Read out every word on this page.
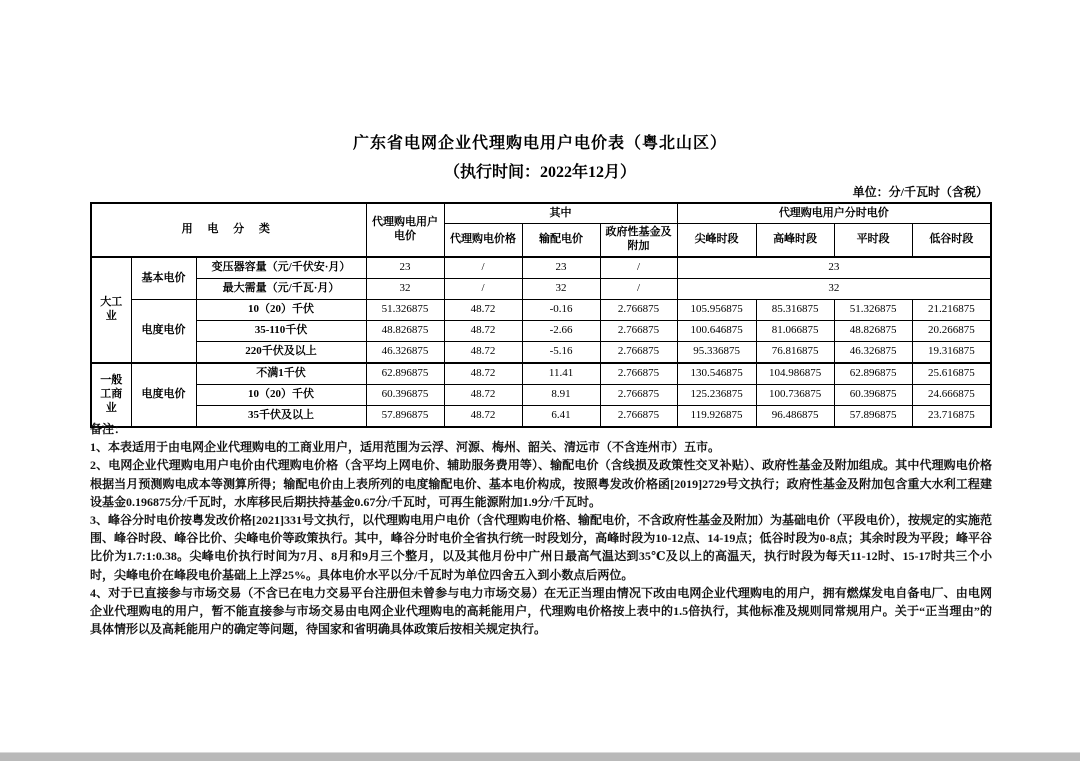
广东省电网企业代理购电用户电价表（粤北山区）
（执行时间：2022年12月）
单位：分/千瓦时（含税）
用 电 分 类			代理购电用户电价	其中			代理购电用户分时电价			
				代理购电价格	输配电价	政府性基金及附加	尖峰时段	高峰时段	平时段	低谷时段
大工业	基本电价	变压器容量（元/千伏安·月）	23	/	23	/	23			
		最大需量（元/千瓦·月）	32	/	32	/	32			
	电度电价	10（20）千伏	51.326875	48.72	-0.16	2.766875	105.956875	85.316875	51.326875	21.216875
		35-110千伏	48.826875	48.72	-2.66	2.766875	100.646875	81.066875	48.826875	20.266875
		220千伏及以上	46.326875	48.72	-5.16	2.766875	95.336875	76.816875	46.326875	19.316875
一般工商业	电度电价	不满1千伏	62.896875	48.72	11.41	2.766875	130.546875	104.986875	62.896875	25.616875
		10（20）千伏	60.396875	48.72	8.91	2.766875	125.236875	100.736875	60.396875	24.666875
		35千伏及以上	57.896875	48.72	6.41	2.766875	119.926875	96.486875	57.896875	23.716875

备注：

1、本表适用于由电网企业代理购电的工商业用户，适用范围为云浮、河源、梅州、韶关、清远市（不含连州市）五市。

2、电网企业代理购电用户电价由代理购电价格（含平均上网电价、辅助服务费用等）、输配电价（含线损及政策性交叉补贴）、政府性基金及附加组成。其中代理购电价格根据当月预测购电成本等测算所得；输配电价由上表所列的电度输配电价、基本电价构成，按照粤发改价格函[2019]2729号文执行；政府性基金及附加包含重大水利工程建设基金0.196875分/千瓦时，水库移民后期扶持基金0.67分/千瓦时，可再生能源附加1.9分/千瓦时。

3、峰谷分时电价按粤发改价格[2021]331号文执行，以代理购电用户电价（含代理购电价格、输配电价，不含政府性基金及附加）为基础电价（平段电价），按规定的实施范围、峰谷时段、峰谷比价、尖峰电价等政策执行。其中，峰谷分时电价全省执行统一时段划分，高峰时段为10-12点、14-19点；低谷时段为0-8点；其余时段为平段；峰平谷比价为1.7:1:0.38。尖峰电价执行时间为7月、8月和9月三个整月，以及其他月份中广州日最高气温达到35℃及以上的高温天，执行时段为每天11-12时、15-17时共三个小时，尖峰电价在峰段电价基础上上浮25%。具体电价水平以分/千瓦时为单位四舍五入到小数点后两位。

4、对于已直接参与市场交易（不含已在电力交易平台注册但未曾参与电力市场交易）在无正当理由情况下改由电网企业代理购电的用户，拥有燃煤发电自备电厂、由电网企业代理购电的用户，暂不能直接参与市场交易由电网企业代理购电的高耗能用户，代理购电价格按上表中的1.5倍执行，其他标准及规则同常规用户。关于“正当理由”的具体情形以及高耗能用户的确定等问题，待国家和省明确具体政策后按相关规定执行。
